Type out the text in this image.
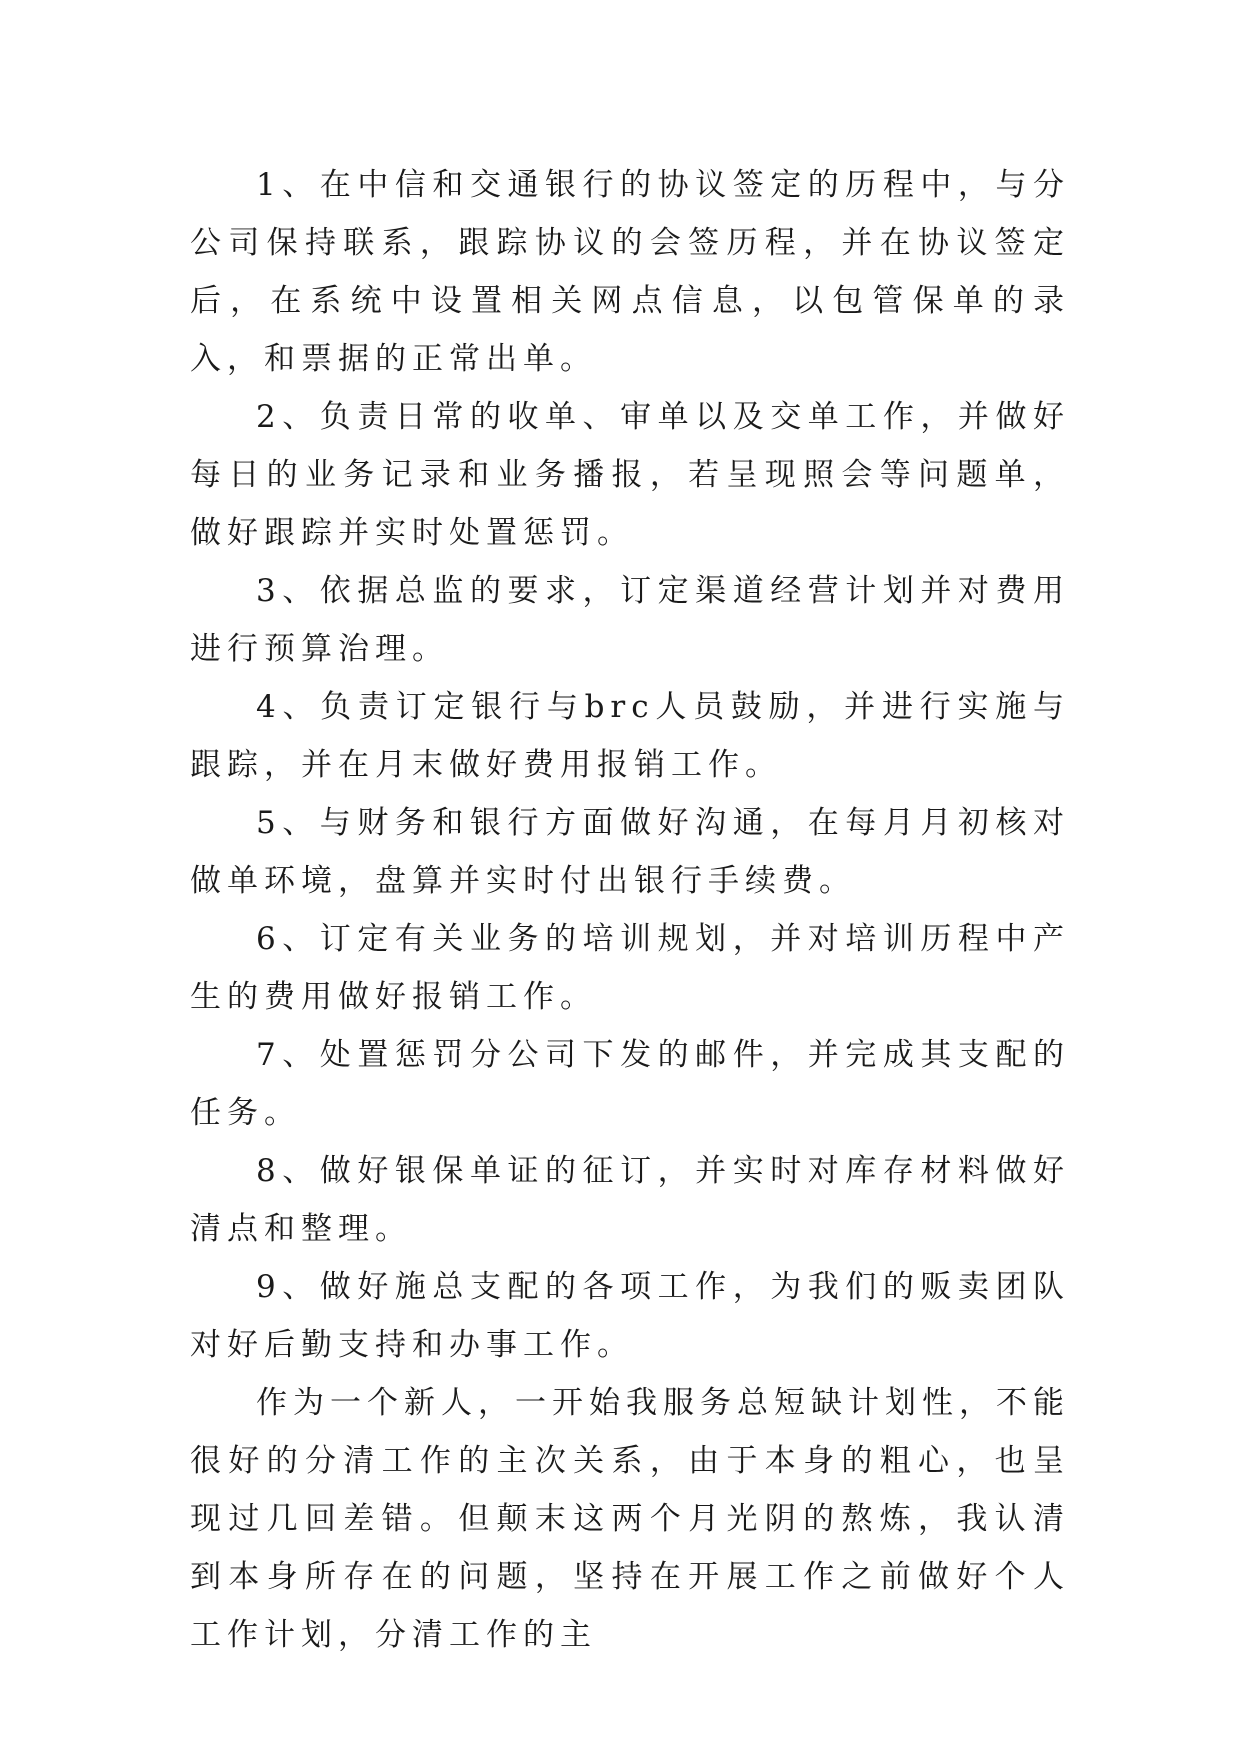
1、在中信和交通银行的协议签定的历程中，与分公司保持联系，跟踪协议的会签历程，并在协议签定后，在系统中设置相关网点信息，以包管保单的录入，和票据的正常出单。

2、负责日常的收单、审单以及交单工作，并做好每日的业务记录和业务播报，若呈现照会等问题单，做好跟踪并实时处置惩罚。

3、依据总监的要求，订定渠道经营计划并对费用进行预算治理。

4、负责订定银行与brc人员鼓励，并进行实施与跟踪，并在月末做好费用报销工作。

5、与财务和银行方面做好沟通，在每月月初核对做单环境，盘算并实时付出银行手续费。

6、订定有关业务的培训规划，并对培训历程中产生的费用做好报销工作。

7、处置惩罚分公司下发的邮件，并完成其支配的任务。

8、做好银保单证的征订，并实时对库存材料做好清点和整理。

9、做好施总支配的各项工作，为我们的贩卖团队对好后勤支持和办事工作。

作为一个新人，一开始我服务总短缺计划性，不能很好的分清工作的主次关系，由于本身的粗心，也呈现过几回差错。但颠末这两个月光阴的熬炼，我认清到本身所存在的问题，坚持在开展工作之前做好个人工作计划，分清工作的主
